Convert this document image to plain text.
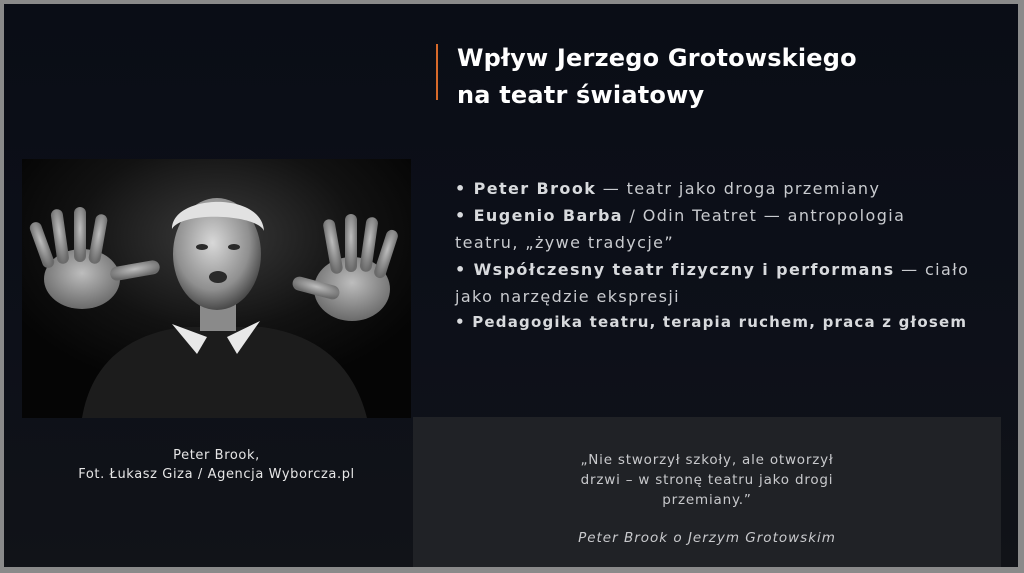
Wpływ Jerzego Grotowskiego
na teatr światowy

• Peter Brook — teatr jako droga przemiany

• Eugenio Barba / Odin Teatret — antropologia teatru, „żywe tradycje”

• Współczesny teatr fizyczny i performans — ciało jako narzędzie ekspresji

• Pedagogika teatru, terapia ruchem, praca z głosem

Peter Brook,
Fot. Łukasz Giza / Agencja Wyborcza.pl
„Nie stworzył szkoły, ale otworzył
drzwi – w stronę teatru jako drogi
przemiany.”
Peter Brook o Jerzym Grotowskim
